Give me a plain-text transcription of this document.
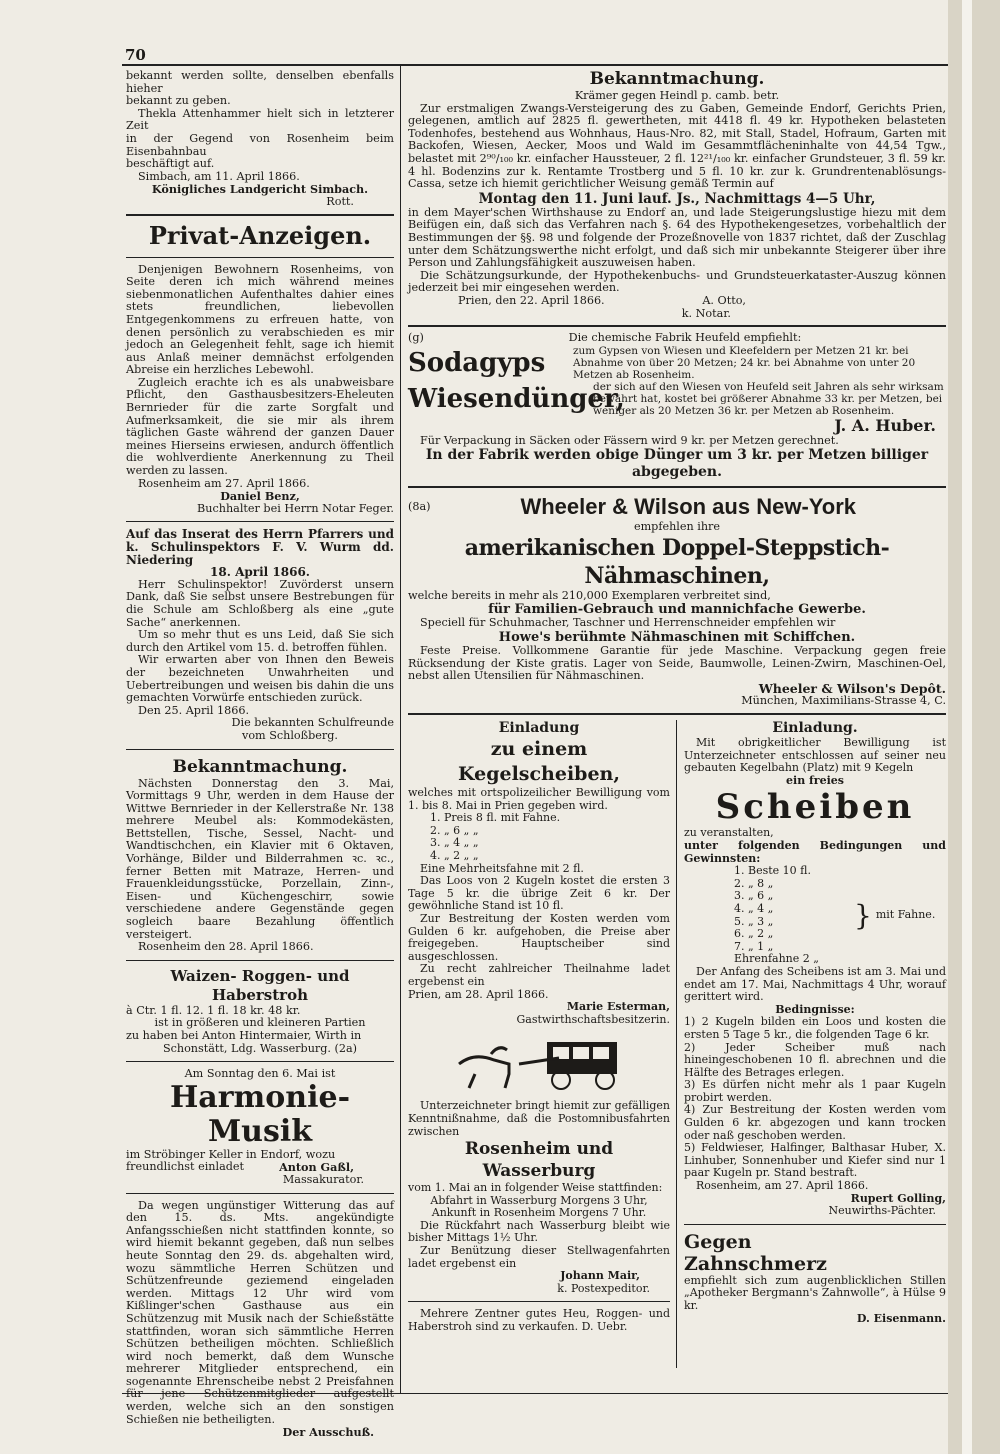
70

bekannt werden sollte, denselben ebenfalls hieher

bekannt zu geben.

Thekla Attenhammer hielt sich in letzterer Zeit

in der Gegend von Rosenheim beim Eisenbahnbau

beschäftigt auf.

Simbach, am 11. April 1866.

Königliches Landgericht Simbach.

Rott.

Privat-Anzeigen.

Denjenigen Bewohnern Rosenheims, von Seite deren ich mich während meines siebenmonatlichen Aufenthaltes dahier eines stets freundlichen, liebevollen Entgegenkommens zu erfreuen hatte, von denen persönlich zu verabschieden es mir jedoch an Gelegenheit fehlt, sage ich hiemit aus Anlaß meiner demnächst erfolgenden Abreise ein herzliches Lebewohl.

Zugleich erachte ich es als unabweisbare Pflicht, den Gasthausbesitzers-Eheleuten Bernrieder für die zarte Sorgfalt und Aufmerksamkeit, die sie mir als ihrem täglichen Gaste während der ganzen Dauer meines Hierseins erwiesen, andurch öffentlich die wohlverdiente Anerkennung zu Theil werden zu lassen.

Rosenheim am 27. April 1866.

Daniel Benz,

Buchhalter bei Herrn Notar Feger.

Auf das Inserat des Herrn Pfarrers und k. Schulinspektors F. V. Wurm dd. Niedering

18. April 1866.

Herr Schulinspektor! Zuvörderst unsern Dank, daß Sie selbst unsere Bestrebungen für die Schule am Schloßberg als eine „gute Sache“ anerkennen.

Um so mehr thut es uns Leid, daß Sie sich durch den Artikel vom 15. d. betroffen fühlen.

Wir erwarten aber von Ihnen den Beweis der bezeichneten Unwahrheiten und Uebertreibungen und weisen bis dahin die uns gemachten Vorwürfe entschieden zurück.

Den 25. April 1866.

Die bekannten Schulfreunde

vom Schloßberg.

Bekanntmachung.

Nächsten Donnerstag den 3. Mai, Vormittags 9 Uhr, werden in dem Hause der Wittwe Bernrieder in der Kellerstraße Nr. 138 mehrere Meubel als: Kommodekästen, Bettstellen, Tische, Sessel, Nacht- und Wandtischchen, ein Klavier mit 6 Oktaven, Vorhänge, Bilder und Bilderrahmen ꝛc. ꝛc., ferner Betten mit Matraze, Herren- und Frauenkleidungsstücke, Porzellain, Zinn-, Eisen- und Küchengeschirr, sowie verschiedene andere Gegenstände gegen sogleich baare Bezahlung öffentlich versteigert.

Rosenheim den 28. April 1866.

Waizen- Roggen- und Haberstroh

à Ctr. 1 fl. 12. 1 fl. 18 kr. 48 kr.

ist in größeren und kleineren Partien

zu haben bei Anton Hintermaier, Wirth in

Schonstätt, Ldg. Wasserburg. (2a)

Am Sonntag den 6. Mai ist

Harmonie-Musik

im Ströbinger Keller in Endorf, wozu

freundlichst einladet	Anton Gaßl,

Massakurator.

Da wegen ungünstiger Witterung das auf den 15. ds. Mts. angekündigte Anfangsschießen nicht stattfinden konnte, so wird hiemit bekannt gegeben, daß nun selbes heute Sonntag den 29. ds. abgehalten wird, wozu sämmtliche Herren Schützen und Schützenfreunde geziemend eingeladen werden. Mittags 12 Uhr wird vom Kißlinger'schen Gasthause aus ein Schützenzug mit Musik nach der Schießstätte stattfinden, woran sich sämmtliche Herren Schützen betheiligen möchten. Schließlich wird noch bemerkt, daß dem Wunsche mehrerer Mitglieder entsprechend, ein sogenannte Ehrenscheibe nebst 2 Preisfahnen für jene Schützenmitglieder aufgestellt werden, welche sich an den sonstigen Schießen nie betheiligten.

Der Ausschuß.

Bekanntmachung.

Krämer gegen Heindl p. camb. betr.

Zur erstmaligen Zwangs-Versteigerung des zu Gaben, Gemeinde Endorf, Gerichts Prien, gelegenen, amtlich auf 2825 fl. gewertheten, mit 4418 fl. 49 kr. Hypotheken belasteten Todenhofes, bestehend aus Wohnhaus, Haus-Nro. 82, mit Stall, Stadel, Hofraum, Garten mit Backofen, Wiesen, Aecker, Moos und Wald im Gesammtflächeninhalte von 44,54 Tgw., belastet mit 2⁹⁰/₁₀₀ kr. einfacher Haussteuer, 2 fl. 12²¹/₁₀₀ kr. einfacher Grundsteuer, 3 fl. 59 kr. 4 hl. Bodenzins zur k. Rentamte Trostberg und 5 fl. 10 kr. zur k. Grundrentenablösungs-Cassa, setze ich hiemit gerichtlicher Weisung gemäß Termin auf

Montag den 11. Juni lauf. Js., Nachmittags 4—5 Uhr,

in dem Mayer'schen Wirthshause zu Endorf an, und lade Steigerungslustige hiezu mit dem Beifügen ein, daß sich das Verfahren nach §. 64 des Hypothekengesetzes, vorbehaltlich der Bestimmungen der §§. 98 und folgende der Prozeßnovelle von 1837 richtet, daß der Zuschlag unter dem Schätzungswerthe nicht erfolgt, und daß sich mir unbekannte Steigerer über ihre Person und Zahlungsfähigkeit auszuweisen haben.

Die Schätzungsurkunde, der Hypothekenbuchs- und Grundsteuerkataster-Auszug können jederzeit bei mir eingesehen werden.

Prien, den 22. April 1866.	A. Otto,

k. Notar.

(g)	Die chemische Fabrik Heufeld empfiehlt:
Sodagyps	zum Gypsen von Wiesen und Kleefeldern per Metzen 21 kr. bei Abnahme von über 20 Metzen; 24 kr. bei Abnahme von unter 20 Metzen ab Rosenheim.
Wiesendünger,
der sich auf den Wiesen von Heufeld seit Jahren als sehr wirksam bewährt hat, kostet bei größerer Abnahme 33 kr. per Metzen, bei weniger als 20 Metzen 36 kr. per Metzen ab Rosenheim.

J. A. Huber.

Für Verpackung in Säcken oder Fässern wird 9 kr. per Metzen gerechnet.

In der Fabrik werden obige Dünger um 3 kr. per Metzen billiger abgegeben.

(8a)	Wheeler & Wilson aus New-York

empfehlen ihre

amerikanischen Doppel-Steppstich-Nähmaschinen,

welche bereits in mehr als 210,000 Exemplaren verbreitet sind,

für Familien-Gebrauch und mannichfache Gewerbe.

Speciell für Schuhmacher, Taschner und Herrenschneider empfehlen wir

Howe's berühmte Nähmaschinen mit Schiffchen.

Feste Preise. Vollkommene Garantie für jede Maschine. Verpackung gegen freie Rücksendung der Kiste gratis. Lager von Seide, Baumwolle, Leinen-Zwirn, Maschinen-Oel, nebst allen Utensilien für Nähmaschinen.

Wheeler & Wilson's Depôt.

München, Maximilians-Strasse 4, C.

Einladung
zu einem Kegelscheiben,

welches mit ortspolizeilicher Bewilligung vom 1. bis 8. Mai in Prien gegeben wird.

1. Preis 8 fl. mit Fahne.

2. „ 6 „ „

3. „ 4 „ „

4. „ 2 „ „

Eine Mehrheitsfahne mit 2 fl.

Das Loos von 2 Kugeln kostet die ersten 3 Tage 5 kr. die übrige Zeit 6 kr. Der gewöhnliche Stand ist 10 fl.

Zur Bestreitung der Kosten werden vom Gulden 6 kr. aufgehoben, die Preise aber freigegeben. Hauptscheiber sind ausgeschlossen.

Zu recht zahlreicher Theilnahme ladet ergebenst ein

Prien, am 28. April 1866.

Marie Esterman,

Gastwirthschaftsbesitzerin.

Unterzeichneter bringt hiemit zur gefälligen Kenntnißnahme, daß die Postomnibusfahrten zwischen

Rosenheim und Wasserburg

vom 1. Mai an in folgender Weise stattfinden:

Abfahrt in Wasserburg Morgens 3 Uhr,

Ankunft in Rosenheim Morgens 7 Uhr.

Die Rückfahrt nach Wasserburg bleibt wie bisher Mittags 1½ Uhr.

Zur Benützung dieser Stellwagenfahrten ladet ergebenst ein

Johann Mair,

k. Postexpeditor.

Mehrere Zentner gutes Heu, Roggen- und Haberstroh sind zu verkaufen. D. Uebr.

Einladung.

Mit obrigkeitlicher Bewilligung ist Unterzeichneter entschlossen auf seiner neu gebauten Kegelbahn (Platz) mit 9 Kegeln

ein freies

Scheiben

zu veranstalten,

unter folgenden Bedingungen und Gewinnsten:

1. Beste 10 fl.

2. „ 8 „

3. „ 6 „

4. „ 4 „

5. „ 3 „

6. „ 2 „

7. „ 1 „

Ehrenfahne 2 „

} mit Fahne.

Der Anfang des Scheibens ist am 3. Mai und endet am 17. Mai, Nachmittags 4 Uhr, worauf gerittert wird.

Bedingnisse:

1) 2 Kugeln bilden ein Loos und kosten die ersten 5 Tage 5 kr., die folgenden Tage 6 kr.

2) Jeder Scheiber muß nach hineingeschobenen 10 fl. abrechnen und die Hälfte des Betrages erlegen.

3) Es dürfen nicht mehr als 1 paar Kugeln probirt werden.

4) Zur Bestreitung der Kosten werden vom Gulden 6 kr. abgezogen und kann trocken oder naß geschoben werden.

5) Feldwieser, Halfinger, Balthasar Huber, X. Linhuber, Sonnenhuber und Kiefer sind nur 1 paar Kugeln pr. Stand bestraft.

Rosenheim, am 27. April 1866.

Rupert Golling,

Neuwirths-Pächter.

Gegen Zahnschmerz

empfiehlt sich zum augenblicklichen Stillen „Apotheker Bergmann's Zahnwolle“, à Hülse 9 kr.

D. Eisenmann.
